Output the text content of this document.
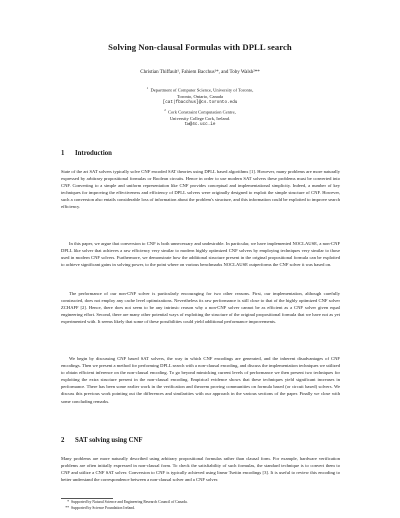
Solving Non-clausal Formulas with DPLL search
Christian Thiffault¹, Fahiem Bacchus¹*, and Toby Walsh²**
$^1$ Department of Computer Science, University of Toronto,
Toronto, Ontario, Canada
[cat|fbacchus]@cs.toronto.edu
$^2$ Cork Constraint Computation Centre,
University College Cork, Ireland.
tw@4c.ucc.ie
1 Introduction

State of the art SAT solvers typically solve CNF encoded SAT theories using DPLL based algorithms [1]. However, many problems are more naturally expressed by arbitrary propositional formulas or Boolean circuits. Hence in order to use modern SAT solvers these problems must be converted into CNF. Converting to a simple and uniform representation like CNF provides conceptual and implementational simplicity. Indeed, a number of key techniques for improving the effectiveness and efficiency of DPLL solvers were originally designed to exploit the simple structure of CNF. However, such a conversion also entails considerable loss of information about the problem's structure, and this information could be exploited to improve search efficiency.

In this paper, we argue that conversion to CNF is both unnecessary and undesirable. In particular, we have implemented NOCLAUSE, a non-CNF DPLL like solver that achieves a raw efficiency very similar to modern highly optimized CNF solvers by employing techniques very similar to those used in modern CNF solvers. Furthermore, we demonstrate how the additional structure present in the original propositional formula can be exploited to achieve significant gains in solving power, to the point where on various benchmarks NOCLAUSE outperforms the CNF solver it was based on.

The performance of our non-CNF solver is particularly encouraging for two other reasons. First, our implementation, although carefully constructed, does not employ any cache level optimizations. Nevertheless its raw performance is still close to that of the highly optimized CNF solver ZCHAFF [2]. Hence, there does not seem to be any intrinsic reason why a non-CNF solver cannot be as efficient as a CNF solver given equal engineering effort. Second, there are many other potential ways of exploiting the structure of the original propositional formula that we have not as yet experimented with. It seems likely that some of these possibilities could yield additional performance improvements.

We begin by discussing CNF based SAT solvers, the way in which CNF encodings are generated, and the inherent disadvantages of CNF encodings. Then we present a method for performing DPLL search with a non-clausal encoding, and discuss the implementation techniques we utilized to obtain efficient inference on the non-clausal encoding. To go beyond mimicking current levels of performance we then present two techniques for exploiting the extra structure present in the non-clausal encoding. Empirical evidence shows that these techniques yield significant increases in performance. There has been some earlier work in the verification and theorem proving communities on formula based (or circuit based) solvers. We discuss this previous work pointing out the differences and similarities with our approach in the various sections of the paper. Finally we close with some concluding remarks.

2 SAT solving using CNF

Many problems are more naturally described using arbitrary propositional formulas rather than clausal form. For example, hardware verification problems are often initially expressed in non-clausal form. To check the satisfiability of such formulas, the standard technique is to convert them to CNF and utilize a CNF SAT solver. Conversion to CNF is typically achieved using linear Tseitin encodings [3]. It is useful to review this encoding to better understand the correspondence between a non-clausal solver and a CNF solver.

* Supported by Natural Science and Engineering Research Council of Canada.
** Supported by Science Foundation Ireland.
